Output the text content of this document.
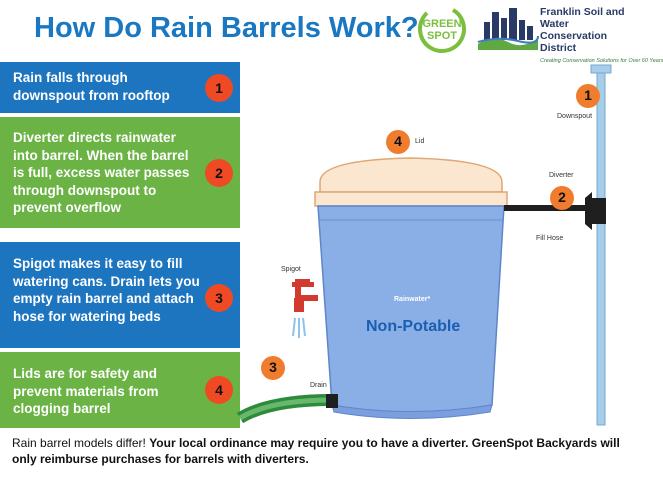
How Do Rain Barrels Work? GREEN
SPOT
Franklin Soil and Water
Conservation District
Creating Conservation Solutions for Over 60 Years
Rain falls through downspout from rooftop	1
Diverter directs rainwater into barrel. When the barrel is full, excess water passes through downspout to prevent overflow
2
Spigot makes it easy to fill watering cans. Drain lets you empty rain barrel and attach hose for watering beds
3
Lids are for safety and prevent materials from clogging barrel
4
1
4
2
3
Downspout
Lid
Diverter
Fill Hose
Spigot
Rainwater*
Non-Potable
Drain
Rain barrel models differ! Your local ordinance may require you to have a diverter. GreenSpot Backyards will only reimburse purchases for barrels with diverters.
